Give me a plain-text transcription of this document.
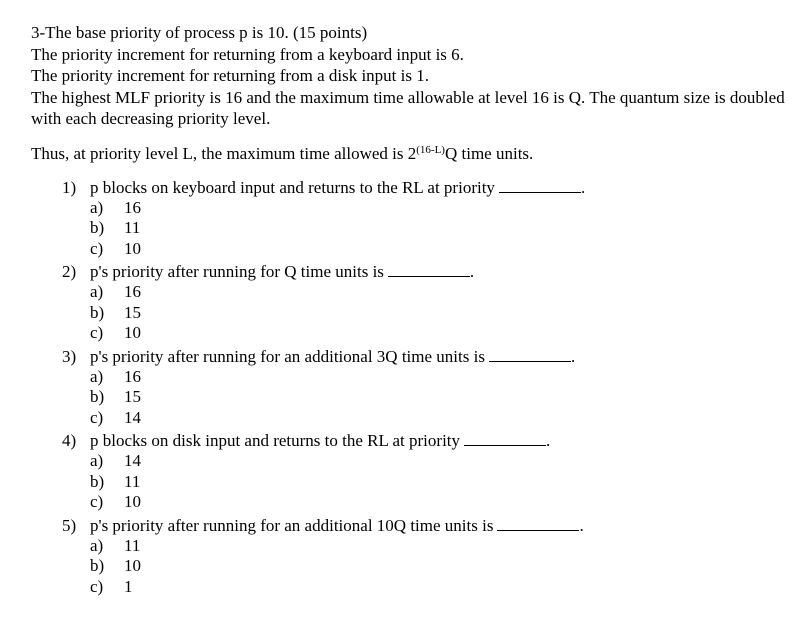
3-The base priority of process p is 10. (15 points)

The priority increment for returning from a keyboard input is 6.

The priority increment for returning from a disk input is 1.

The highest MLF priority is 16 and the maximum time allowable at level 16 is Q. The quantum size is doubled with each decreasing priority level.

Thus, at priority level L, the maximum time allowed is $2^{(16-L)}Q$ time units.
1) p blocks on keyboard input and returns to the RL at priority	.
a)	16
b)	11
c)	10
2) p's priority after running for Q time units is	.
a)	16
b)	15
c)	10
3) p's priority after running for an additional 3Q time units is	.
a)	16
b)	15
c)	14
4) p blocks on disk input and returns to the RL at priority	.
a)	14
b)	11
c)	10
5) p's priority after running for an additional 10Q time units is	.
a)	11
b)	10
c)	1
